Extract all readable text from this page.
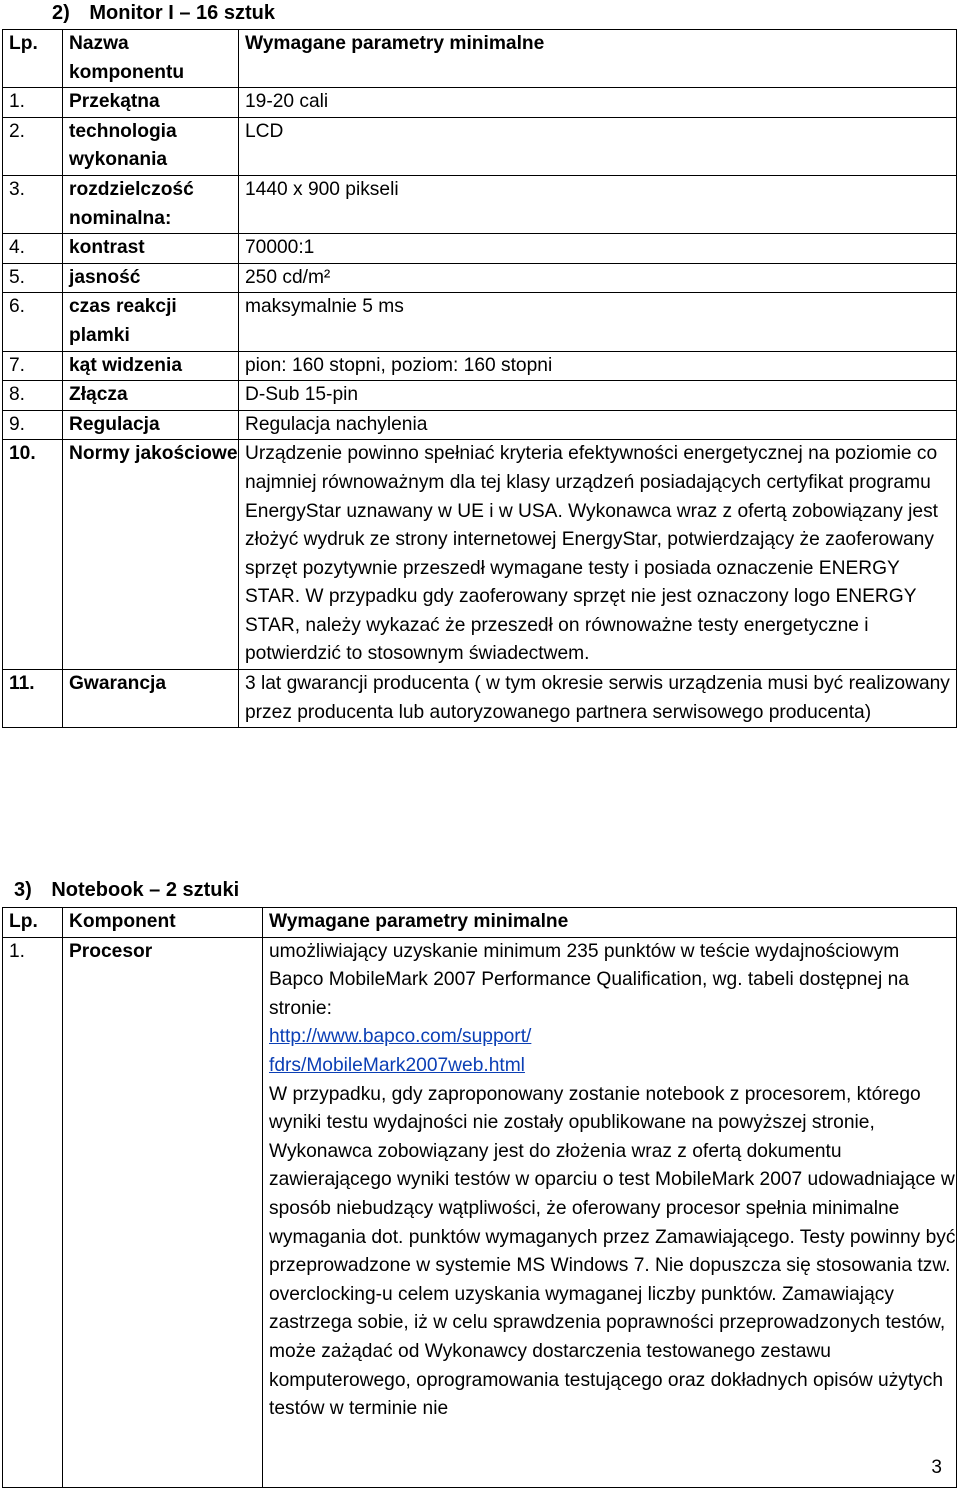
2) Monitor I – 16 sztuk
Lp.	Nazwa komponentu	Wymagane parametry minimalne
1.	Przekątna	19-20 cali
2.	technologia wykonania	LCD
3.	rozdzielczość nominalna:	1440 x 900 pikseli
4.	kontrast	70000:1
5.	jasność	250 cd/m²
6.	czas reakcji plamki	maksymalnie 5 ms
7.	kąt widzenia	pion: 160 stopni, poziom: 160 stopni
8.	Złącza	D-Sub 15-pin
9.	Regulacja	Regulacja nachylenia
10.	Normy jakościowe	Urządzenie powinno spełniać kryteria efektywności energetycznej na poziomie co najmniej równoważnym dla tej klasy urządzeń posiadających certyfikat programu EnergyStar uznawany w UE i w USA. Wykonawca wraz z ofertą zobowiązany jest złożyć wydruk ze strony internetowej EnergyStar, potwierdzający że zaoferowany sprzęt pozytywnie przeszedł wymagane testy i posiada oznaczenie ENERGY STAR. W przypadku gdy zaoferowany sprzęt nie jest oznaczony logo ENERGY STAR, należy wykazać że przeszedł on równoważne testy energetyczne i potwierdzić to stosownym świadectwem.
11.	Gwarancja	3 lat gwarancji producenta ( w tym okresie serwis urządzenia musi być realizowany przez producenta lub autoryzowanego partnera serwisowego producenta)
3) Notebook – 2 sztuki
Lp.	Komponent	Wymagane parametry minimalne
1.	Procesor	umożliwiający uzyskanie minimum 235 punktów w teście wydajnościowym Bapco MobileMark 2007 Performance Qualification, wg. tabeli dostępnej na stronie:
http://www.bapco.com/support/
fdrs/MobileMark2007web.html
W przypadku, gdy zaproponowany zostanie notebook z procesorem, którego wyniki testu wydajności nie zostały opublikowane na powyższej stronie, Wykonawca zobowiązany jest do złożenia wraz z ofertą dokumentu zawierającego wyniki testów w oparciu o test MobileMark 2007 udowadniające w sposób niebudzący wątpliwości, że oferowany procesor spełnia minimalne wymagania dot. punktów wymaganych przez Zamawiającego. Testy powinny być przeprowadzone w systemie MS Windows 7. Nie dopuszcza się stosowania tzw. overclocking-u celem uzyskania wymaganej liczby punktów. Zamawiający zastrzega sobie, iż w celu sprawdzenia poprawności przeprowadzonych testów, może zażądać od Wykonawcy dostarczenia testowanego zestawu komputerowego, oprogramowania testującego oraz dokładnych opisów użytych testów w terminie nie
3
